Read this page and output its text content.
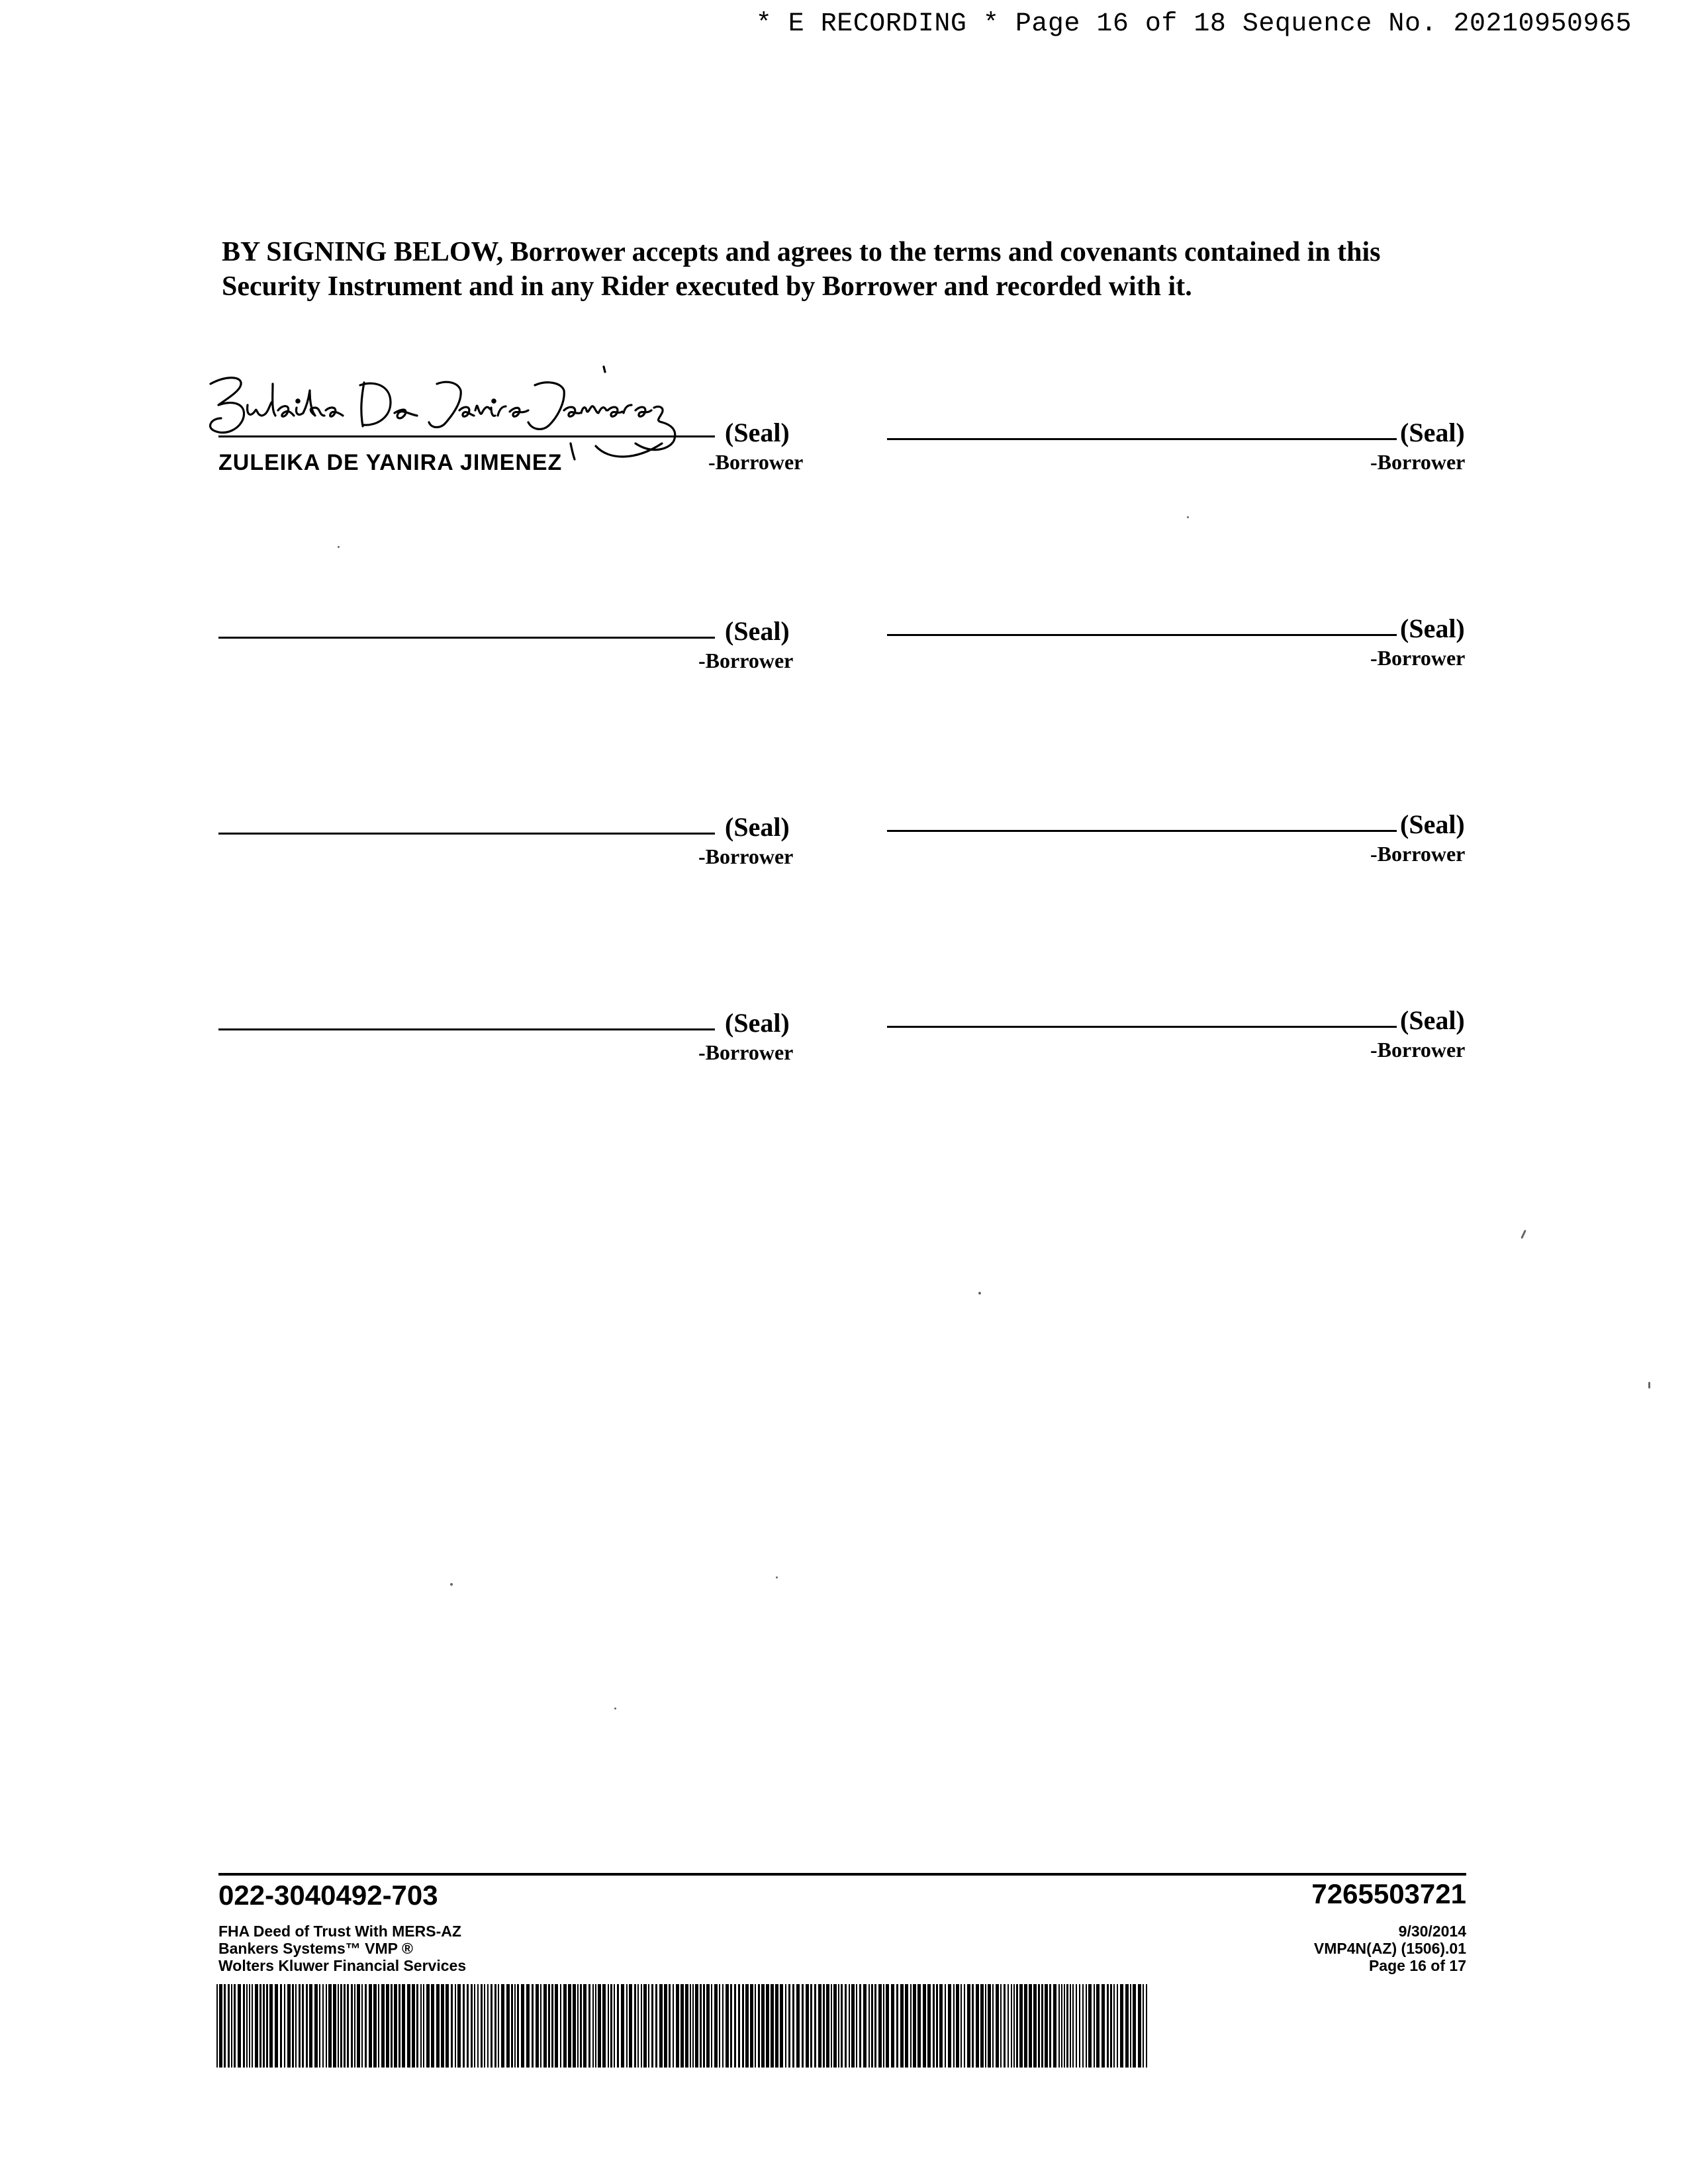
* E RECORDING * Page 16 of 18 Sequence No. 20210950965
BY SIGNING BELOW, Borrower accepts and agrees to the terms and covenants contained in this Security Instrument and in any Rider executed by Borrower and recorded with it.
(Seal)
ZULEIKA DE YANIRA JIMENEZ	-Borrower
(Seal)
-Borrower
(Seal)
-Borrower
(Seal)
-Borrower
(Seal)
-Borrower
(Seal)
-Borrower
(Seal)
-Borrower
(Seal)
-Borrower
022-3040492-703	7265503721
FHA Deed of Trust With MERS-AZ
Bankers Systems™ VMP ®
Wolters Kluwer Financial Services
9/30/2014
VMP4N(AZ) (1506).01
Page 16 of 17
